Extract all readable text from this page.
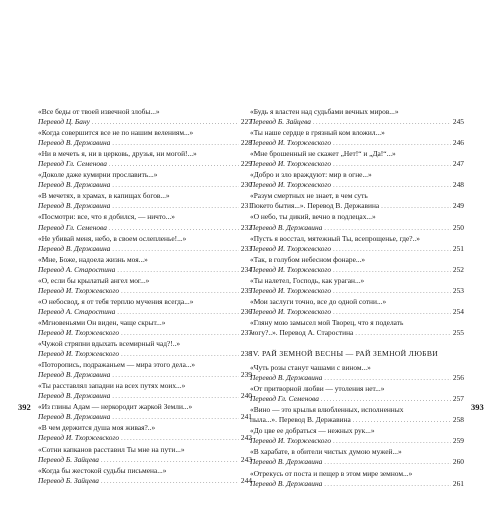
«Все беды от твоей извечной злобы...»
Перевод Ц. Бану . . .	227
«Когда совершится все не по нашим велениям...»
Перевод В. Державина . . .	228
«Ни в мечеть я, ни в церковь, друзья, ни могой!...»
Перевод Гл. Семенова . . .	229
«Доколе даже кумирни прославить...»
Перевод В. Державина . . .	230
«В мечетях, в храмах, в капищах богов...»
Перевод В. Державина . . .	231
«Посмотри: все, что я добился, — ничто...»
Перевод Гл. Семенова . . .	232
«Не убивай меня, небо, в своем ослепленье!...»
Перевод В. Державина . . .	233
«Мне, Боже, надоела жизнь моя...»
Перевод А. Старостина . . .	234
«О, если бы крылатый ангел мог...»
Перевод И. Тхоржевского . . .	235
«О небосвод, я от тебя терплю мучения всегда...»
Перевод А. Старостина . . .	236
«Мгновеньями Он виден, чаще скрыт...»
Перевод И. Тхоржевского . . .	237
«Чужой стряпни вдыхать всемирный чад?!..»
Перевод И. Тхоржевского . . .	238
«Поторопись, подражаньем — мира этого дела...»
Перевод В. Державина . . .	239
«Ты расставлял западни на всех путях моих...»
Перевод В. Державина . . .	240
«Из глины Адам — неркородит жаркой Земли...»
Перевод В. Державина . . .	241
«В чем держится душа моя живая?..»
Перевод И. Тхоржевского . . .	242
«Сотни капканов расставил Ты мне на пути...»
Перевод Б. Зайцева . . .	243
«Когда бы жестокой судьбы письмена...»
Перевод Б. Зайцева . . .	244
«Будь я властен над судьбами вечных миров...»
Перевод Б. Зайцева . . .	245
«Ты наше сердце в грязный ком вложил...»
Перевод И. Тхоржевского . . .	246
«Мне брошенный не скажет „Нет!“ и „Да!“...»
Перевод И. Тхоржевского . . .	247
«Добро и зло враждуют: мир в огне...»
Перевод И. Тхоржевского . . .	248
«Разум смертных не знает, в чем суть
Тюкето бытия...». Перевод В. Державина . . .	249
«О небо, ты дикий, вечно в подлецах...»
Перевод В. Державина . . .	250
«Пусть я восстал, мятежный Ты, всепрощенье, где?..»
Перевод И. Тхоржевского . . .	251
«Так, в голубом небесном фонаре...»
Перевод И. Тхоржевского . . .	252
«Ты налетел, Господь, как ураган...»
Перевод И. Тхоржевского . . .	253
«Мои заслуги точно, все до одной сотни...»
Перевод И. Тхоржевского . . .	254
«Гляну мою замысел мой Творец, что я поделать
могу?..». Перевод А. Старостина . . .	255
IV. РАЙ ЗЕМНОЙ ВЕСНЫ — РАЙ ЗЕМНОЙ ЛЮБВИ
«Чуть розы станут чашами с вином...»
Перевод В. Державина . . .	256
«От притворной любви — утоления нет...»
Перевод Гл. Семенова . . .	257
«Вино — это крылья влюбленных, исполненных
пыла...». Перевод В. Державина . . .	258
«До цве ее добраться — нежных рук...»
Перевод И. Тхоржевского . . .	259
«В харабате, в обители чистых думою мужей...»
Перевод В. Державина . . .	260
«Отрекусь от поста и пещер в этом мире земном...»
Перевод В. Державина . . .	261
392	393
